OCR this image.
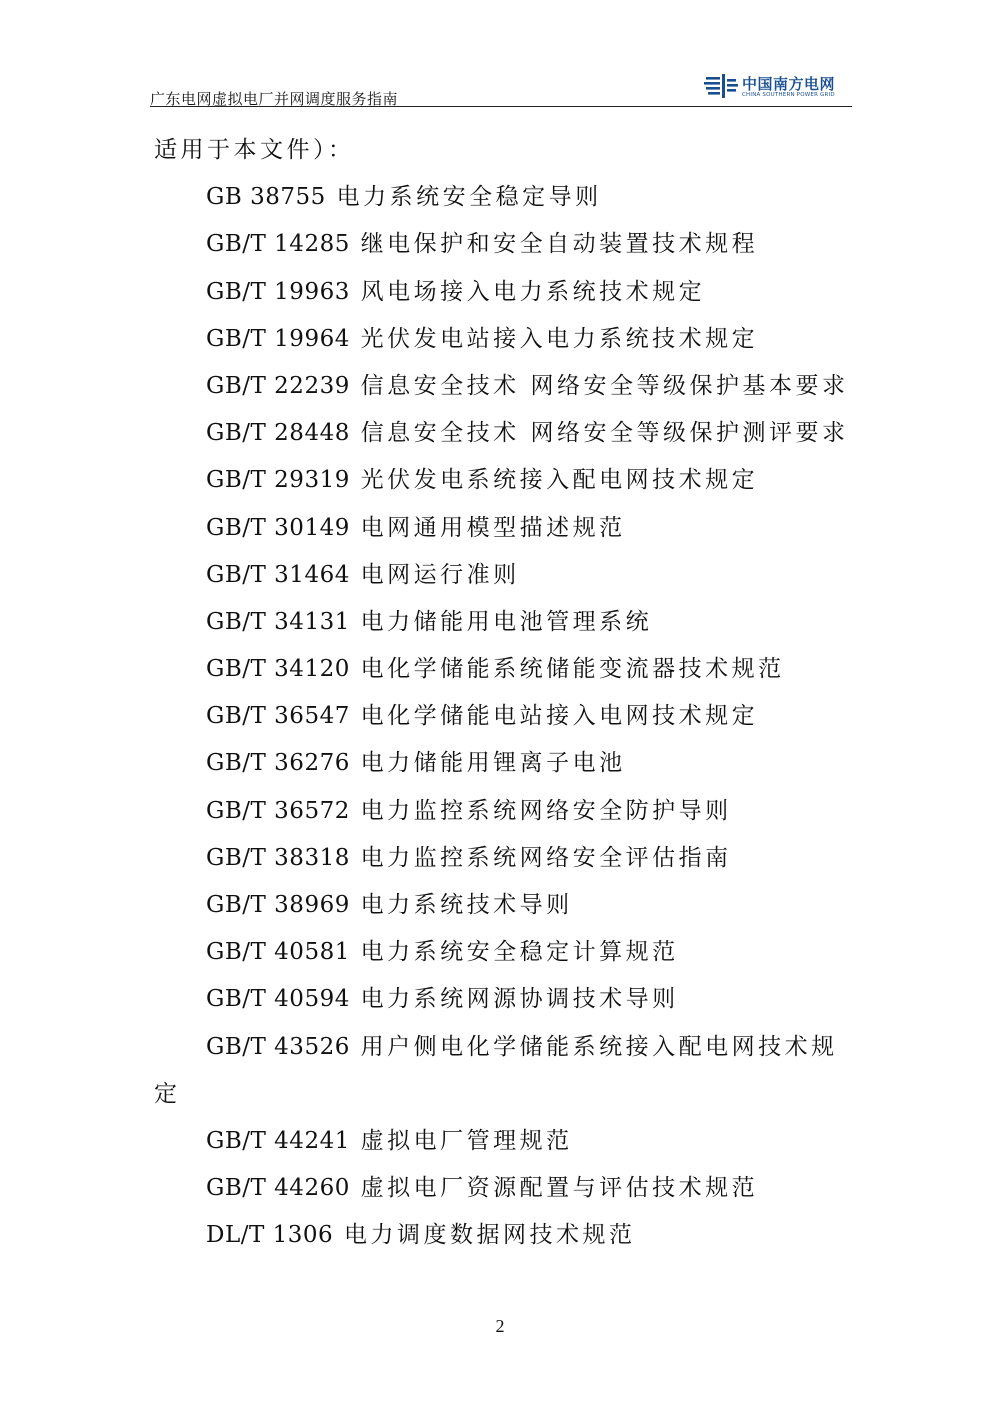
广东电网虚拟电厂并网调度服务指南
中国南方电网
CHINA SOUTHERN POWER GRID
适用于本文件）：
GB 38755 电力系统安全稳定导则
GB/T 14285 继电保护和安全自动装置技术规程
GB/T 19963 风电场接入电力系统技术规定
GB/T 19964 光伏发电站接入电力系统技术规定
GB/T 22239 信息安全技术 网络安全等级保护基本要求
GB/T 28448 信息安全技术 网络安全等级保护测评要求
GB/T 29319 光伏发电系统接入配电网技术规定
GB/T 30149 电网通用模型描述规范
GB/T 31464 电网运行准则
GB/T 34131 电力储能用电池管理系统
GB/T 34120 电化学储能系统储能变流器技术规范
GB/T 36547 电化学储能电站接入电网技术规定
GB/T 36276 电力储能用锂离子电池
GB/T 36572 电力监控系统网络安全防护导则
GB/T 38318 电力监控系统网络安全评估指南
GB/T 38969 电力系统技术导则
GB/T 40581 电力系统安全稳定计算规范
GB/T 40594 电力系统网源协调技术导则
GB/T 43526 用户侧电化学储能系统接入配电网技术规
定
GB/T 44241 虚拟电厂管理规范
GB/T 44260 虚拟电厂资源配置与评估技术规范
DL/T 1306 电力调度数据网技术规范
2
